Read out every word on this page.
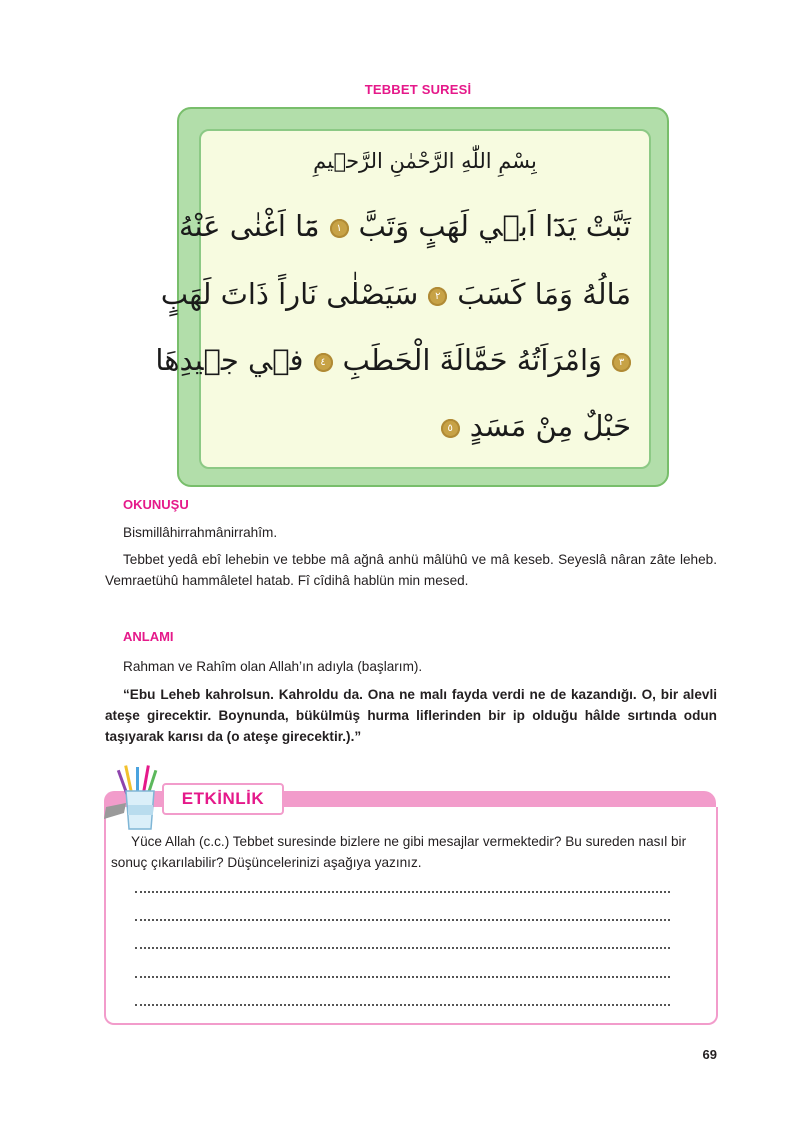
TEBBET SURESİ
بِسْمِ اللّٰهِ الرَّحْمٰنِ الرَّح۪يمِ
تَبَّتْ يَدَٓا اَب۪ي لَهَبٍ وَتَبَّ١مَٓا اَغْنٰى عَنْهُ
مَالُهُ وَمَا كَسَبَ٢سَيَصْلٰى نَاراً ذَاتَ لَهَبٍ
٣وَامْرَاَتُهُ حَمَّالَةَ الْحَطَبِ٤ف۪ي ج۪يدِهَا
حَبْلٌ مِنْ مَسَدٍ٥
OKUNUŞU
Bismillâhirrahmânirrahîm.
Tebbet yedâ ebî lehebin ve tebbe mâ ağnâ anhü mâlühû ve mâ keseb. Seyeslâ nâran zâte leheb. Vemraetühû hammâletel hatab. Fî cîdihâ hablün min mesed.
ANLAMI
Rahman ve Rahîm olan Allah’ın adıyla (başlarım).
“Ebu Leheb kahrolsun. Kahroldu da. Ona ne malı fayda verdi ne de kazandığı. O, bir alevli ateşe girecektir. Boynunda, bükülmüş hurma liflerinden bir ip olduğu hâlde sırtında odun taşıyarak karısı da (o ateşe girecektir.).”
ETKİNLİK
Yüce Allah (c.c.) Tebbet suresinde bizlere ne gibi mesajlar vermektedir? Bu sureden nasıl bir sonuç çıkarılabilir? Düşüncelerinizi aşağıya yazınız.
69
